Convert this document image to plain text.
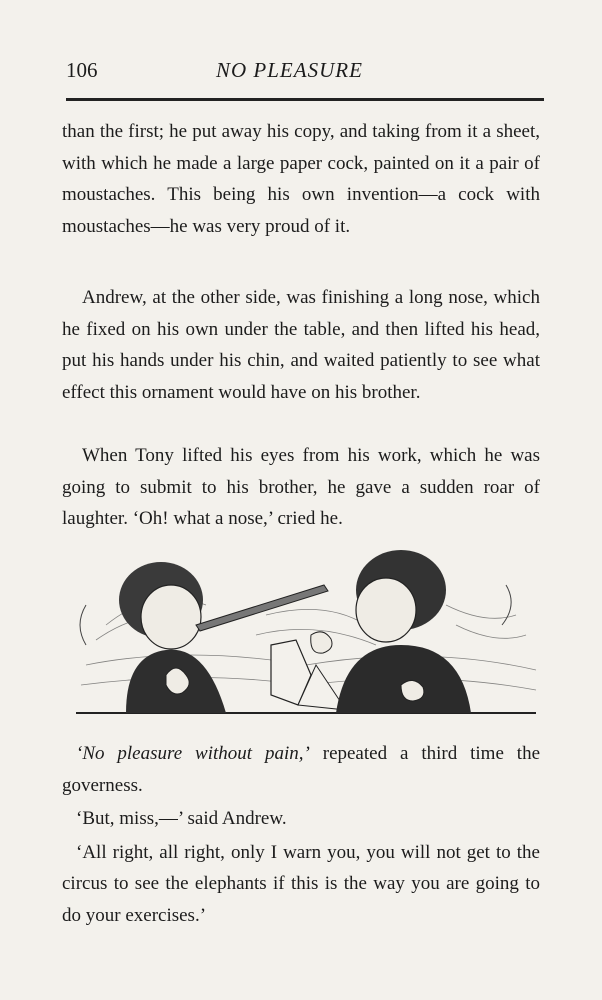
106	NO PLEASURE

than the first; he put away his copy, and taking from it a sheet, with which he made a large paper cock, painted on it a pair of moustaches. This being his own invention—a cock with moustaches—he was very proud of it.

Andrew, at the other side, was finishing a long nose, which he fixed on his own under the table, and then lifted his head, put his hands under his chin, and waited patiently to see what effect this ornament would have on his brother.

When Tony lifted his eyes from his work, which he was going to submit to his brother, he gave a sudden roar of laughter. ‘Oh! what a nose,’ cried he.

‘No pleasure without pain,’ repeated a third time the governess.

‘But, miss,—’ said Andrew.

‘All right, all right, only I warn you, you will not get to the circus to see the elephants if this is the way you are going to do your exercises.’
